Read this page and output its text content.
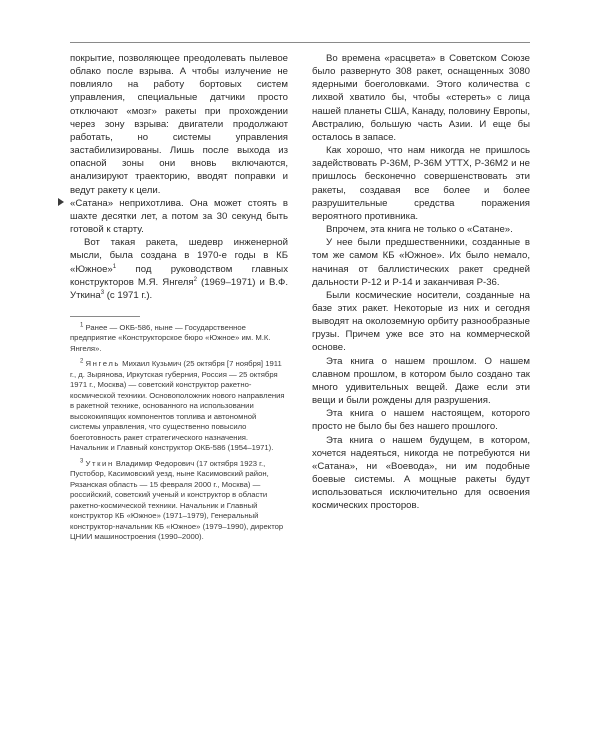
покрытие, позволяющее преодолевать пылевое облако после взрыва. А чтобы излучение не повлияло на работу бортовых систем управления, специальные датчики просто отключают «мозг» ракеты при прохождении через зону взрыва: двигатели продолжают работать, но системы управления застабилизированы. Лишь после выхода из опасной зоны они вновь включаются, анализируют траекторию, вводят поправки и ведут ракету к цели.

«Сатана» неприхотлива. Она может стоять в шахте десятки лет, а потом за 30 секунд быть готовой к старту.

Вот такая ракета, шедевр инженерной мысли, была создана в 1970-е годы в КБ «Южное»$^1$ под руководством главных конструкторов М.Я. Янгеля$^2$ (1969–1971) и В.Ф. Уткина$^3$ (с 1971 г.).

$^1$ Ранее — ОКБ-586, ныне — Государственное предприятие «Конструкторское бюро «Южное» им. М.К. Янгеля».

$^2$ Янгель Михаил Кузьмич (25 октября [7 ноября] 1911 г., д. Зырянова, Иркутская губерния, Россия — 25 октября 1971 г., Москва) — советский конструктор ракетно-космической техники. Основоположник нового направления в ракетной технике, основанного на использовании высококипящих компонентов топлива и автономной системы управления, что существенно повысило боеготовность ракет стратегического назначения. Начальник и Главный конструктор ОКБ-586 (1954–1971).

$^3$ Уткин Владимир Федорович (17 октября 1923 г., Пустобор, Касимовский уезд, ныне Касимовский район, Рязанская область — 15 февраля 2000 г., Москва) — российский, советский ученый и конструктор в области ракетно-космической техники. Начальник и Главный конструктор КБ «Южное» (1971–1979), Генеральный конструктор-начальник КБ «Южное» (1979–1990), директор ЦНИИ машиностроения (1990–2000).

Во времена «расцвета» в Советском Союзе было развернуто 308 ракет, оснащенных 3080 ядерными боеголовками. Этого количества с лихвой хватило бы, чтобы «стереть» с лица нашей планеты США, Канаду, половину Европы, Австралию, большую часть Азии. И еще бы осталось в запасе.

Как хорошо, что нам никогда не пришлось задействовать Р-36М, Р-36М УТТХ, Р-36М2 и не пришлось бесконечно совершенствовать эти ракеты, создавая все более и более разрушительные средства поражения вероятного противника.

Впрочем, эта книга не только о «Сатане».

У нее были предшественники, созданные в том же самом КБ «Южное». Их было немало, начиная от баллистических ракет средней дальности Р-12 и Р-14 и заканчивая Р-36.

Были космические носители, созданные на базе этих ракет. Некоторые из них и сегодня выводят на околоземную орбиту разнообразные грузы. Причем уже все это на коммерческой основе.

Эта книга о нашем прошлом. О нашем славном прошлом, в котором было создано так много удивительных вещей. Даже если эти вещи и были рождены для разрушения.

Эта книга о нашем настоящем, которого просто не было бы без нашего прошлого.

Эта книга о нашем будущем, в котором, хочется надеяться, никогда не потребуются ни «Сатана», ни «Воевода», ни им подобные боевые системы. А мощные ракеты будут использоваться исключительно для освоения космических просторов.
